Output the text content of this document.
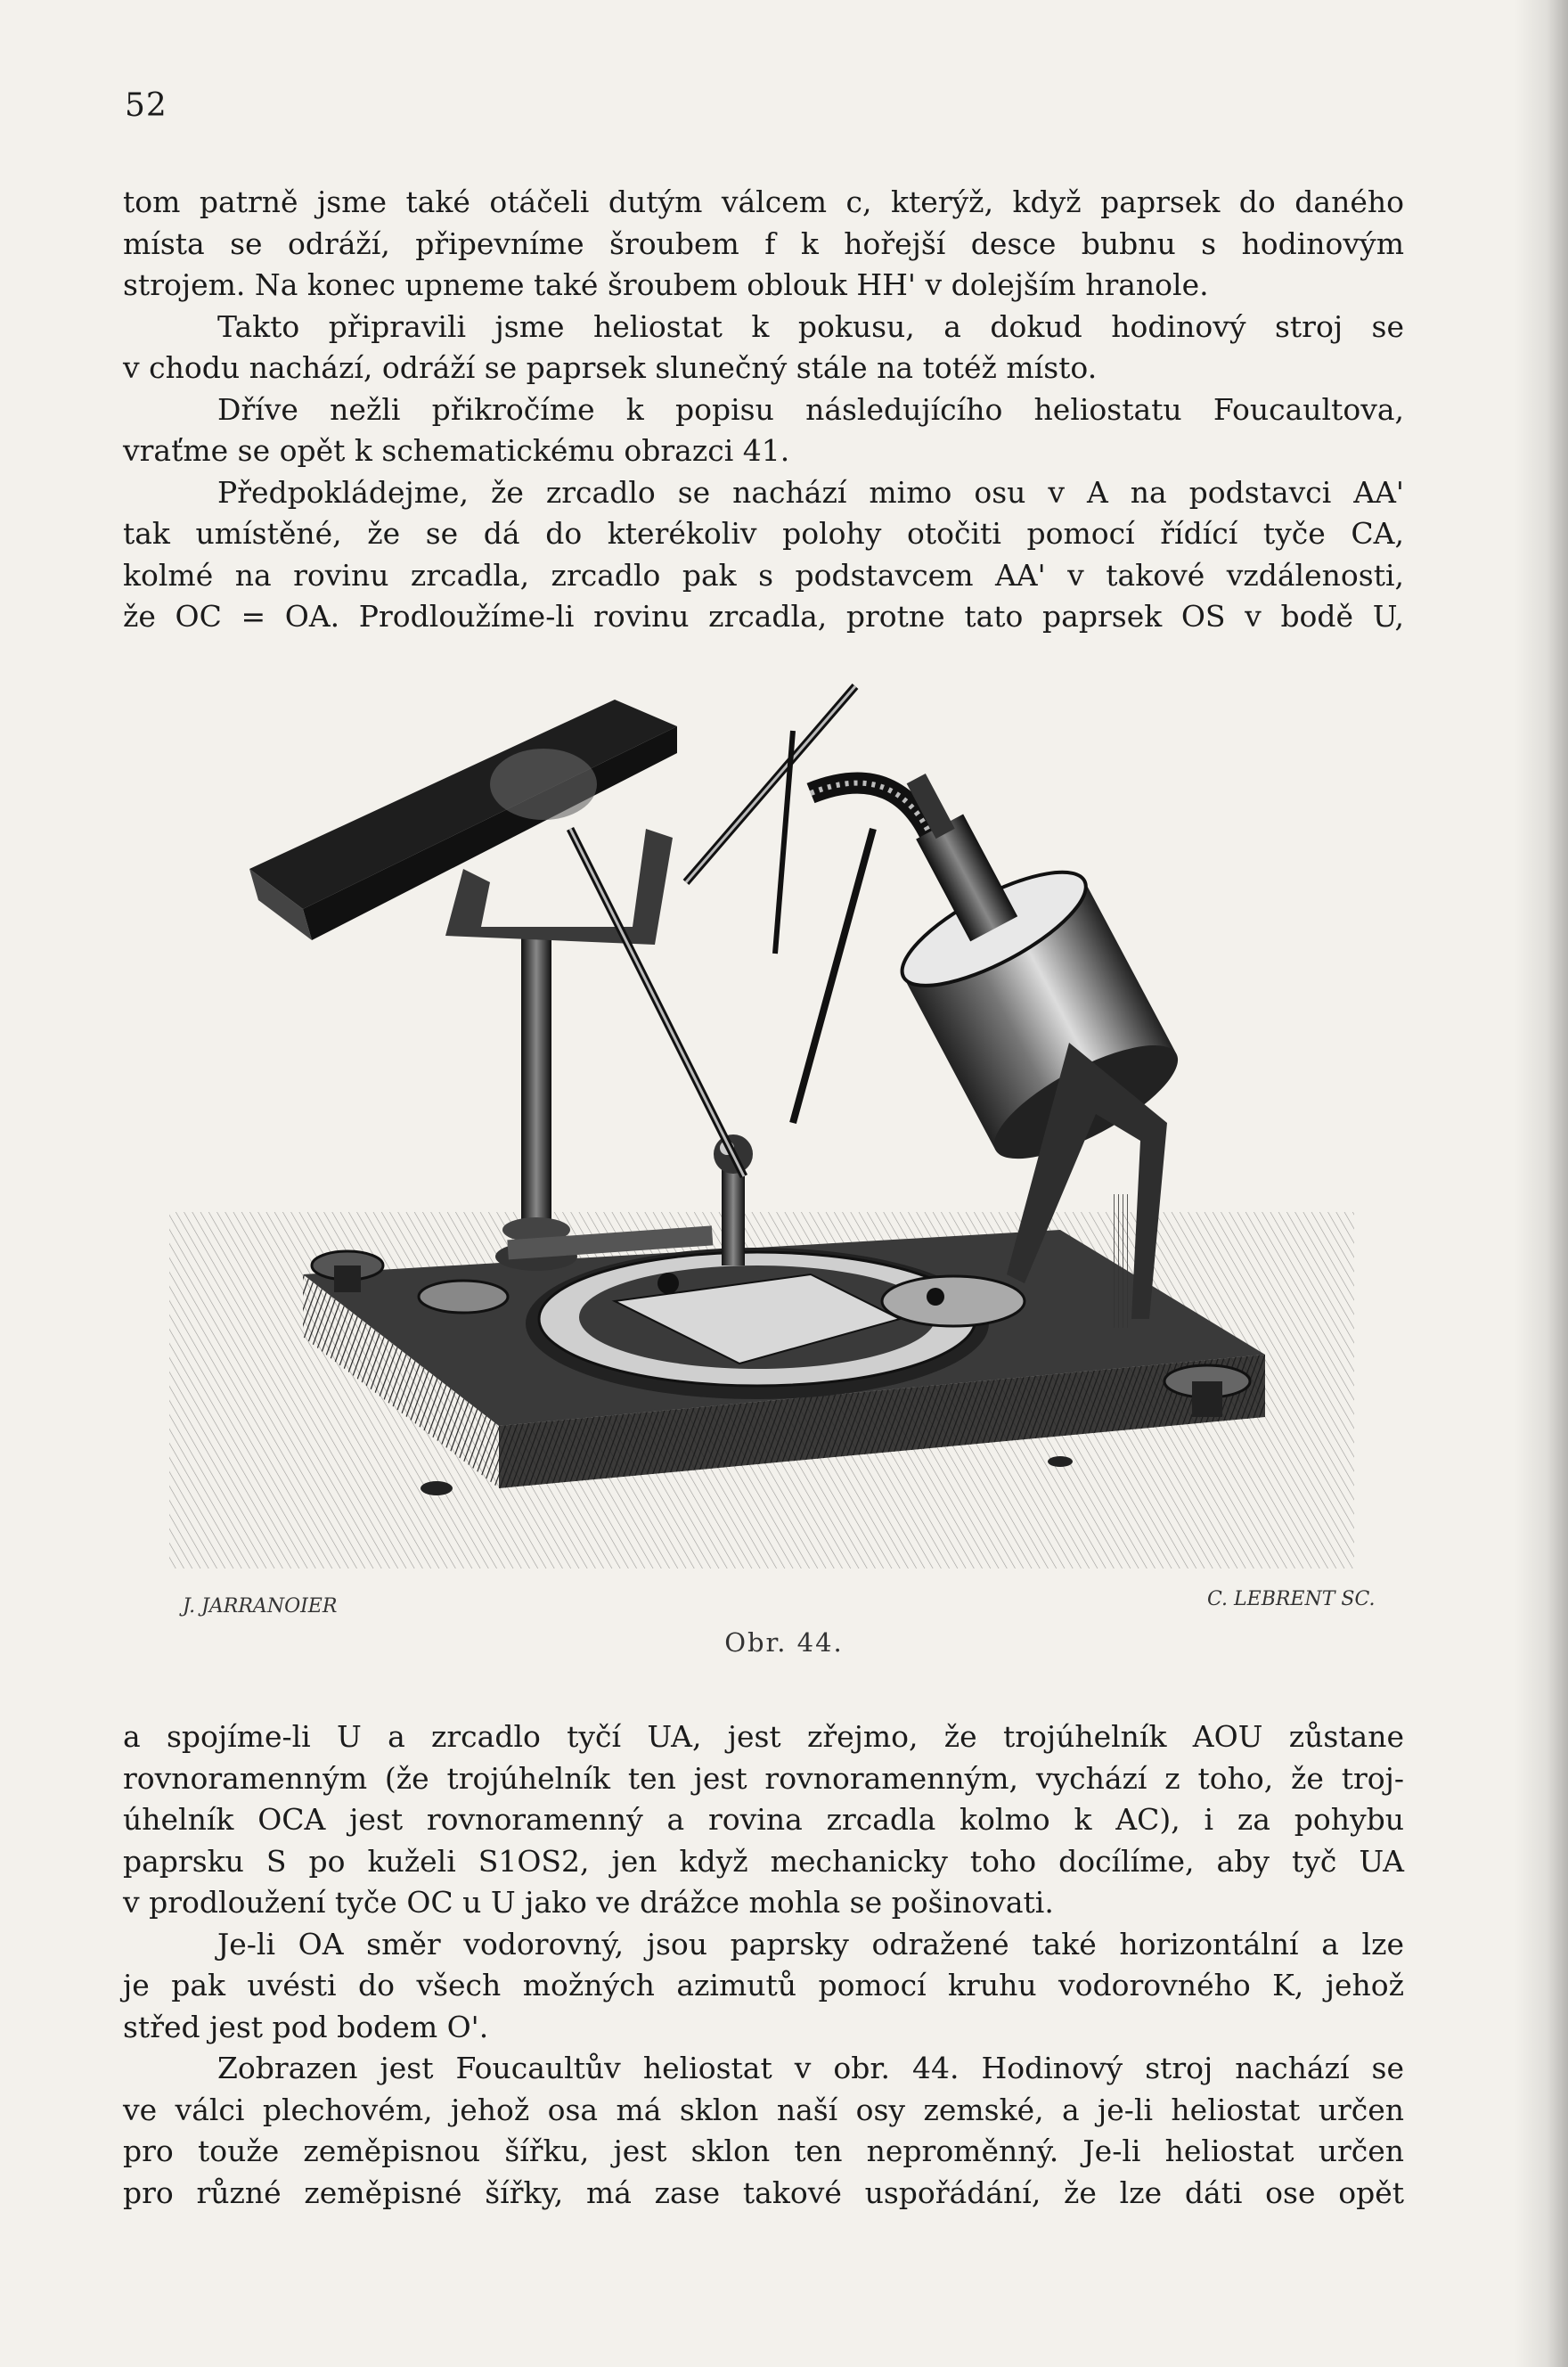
52
tom patrně jsme také otáčeli dutým válcem c, kterýž, když paprsek do daného
místa se odráží, připevníme šroubem f k hořejší desce bubnu s hodinovým
strojem. Na konec upneme také šroubem oblouk HH' v dolejším hranole.
Takto připravili jsme heliostat k pokusu, a dokud hodinový stroj se
v chodu nachází, odráží se paprsek slunečný stále na totéž místo.
Dříve nežli přikročíme k popisu následujícího heliostatu Foucaultova,
vraťme se opět k schematickému obrazci 41.
Předpokládejme, že zrcadlo se nachází mimo osu v A na podstavci AA'
tak umístěné, že se dá do kterékoliv polohy otočiti pomocí řídící tyče CA,
kolmé na rovinu zrcadla, zrcadlo pak s podstavcem AA' v takové vzdálenosti,
že OC = OA. Prodloužíme-li rovinu zrcadla, protne tato paprsek OS v bodě U,
J. JARRANOIER	C. LEBRENT SC.
Obr. 44.
a spojíme-li U a zrcadlo tyčí UA, jest zřejmo, že trojúhelník AOU zůstane
rovnoramenným (že trojúhelník ten jest rovnoramenným, vychází z toho, že troj-
úhelník OCA jest rovnoramenný a rovina zrcadla kolmo k AC), i za pohybu
paprsku S po kuželi S1OS2, jen když mechanicky toho docílíme, aby tyč UA
v prodloužení tyče OC u U jako ve drážce mohla se pošinovati.
Je-li OA směr vodorovný, jsou paprsky odražené také horizontální a lze
je pak uvésti do všech možných azimutů pomocí kruhu vodorovného K, jehož
střed jest pod bodem O'.
Zobrazen jest Foucaultův heliostat v obr. 44. Hodinový stroj nachází se
ve válci plechovém, jehož osa má sklon naší osy zemské, a je-li heliostat určen
pro touže zeměpisnou šířku, jest sklon ten neproměnný. Je-li heliostat určen
pro různé zeměpisné šířky, má zase takové uspořádání, že lze dáti ose opět
